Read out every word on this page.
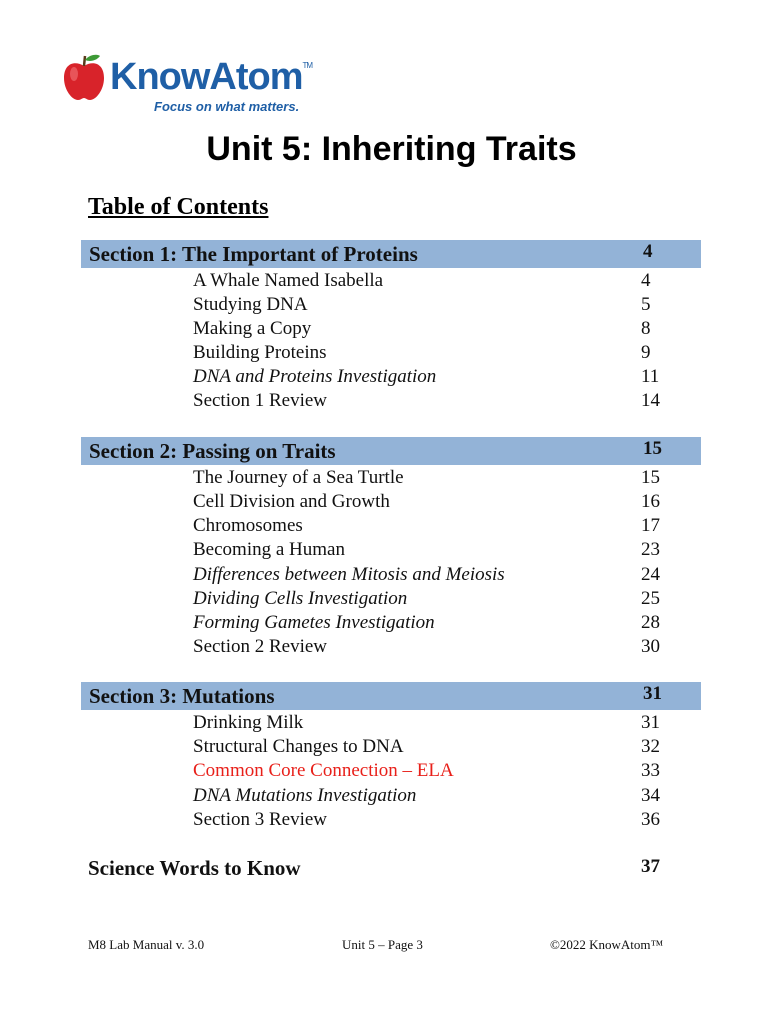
KnowAtom™
Focus on what matters.
Unit 5: Inheriting Traits
Table of Contents
Section 1: The Important of Proteins	4
A Whale Named Isabella	4
Studying DNA	5
Making a Copy	8
Building Proteins	9
DNA and Proteins Investigation	11
Section 1 Review	14
Section 2: Passing on Traits	15
The Journey of a Sea Turtle	15
Cell Division and Growth	16
Chromosomes	17
Becoming a Human	23
Differences between Mitosis and Meiosis	24
Dividing Cells Investigation	25
Forming Gametes Investigation	28
Section 2 Review	30
Section 3: Mutations	31
Drinking Milk	31
Structural Changes to DNA	32
Common Core Connection – ELA	33
DNA Mutations Investigation	34
Section 3 Review	36
Science Words to Know	37
M8 Lab Manual v. 3.0	Unit 5 – Page 3	©2022 KnowAtom™
